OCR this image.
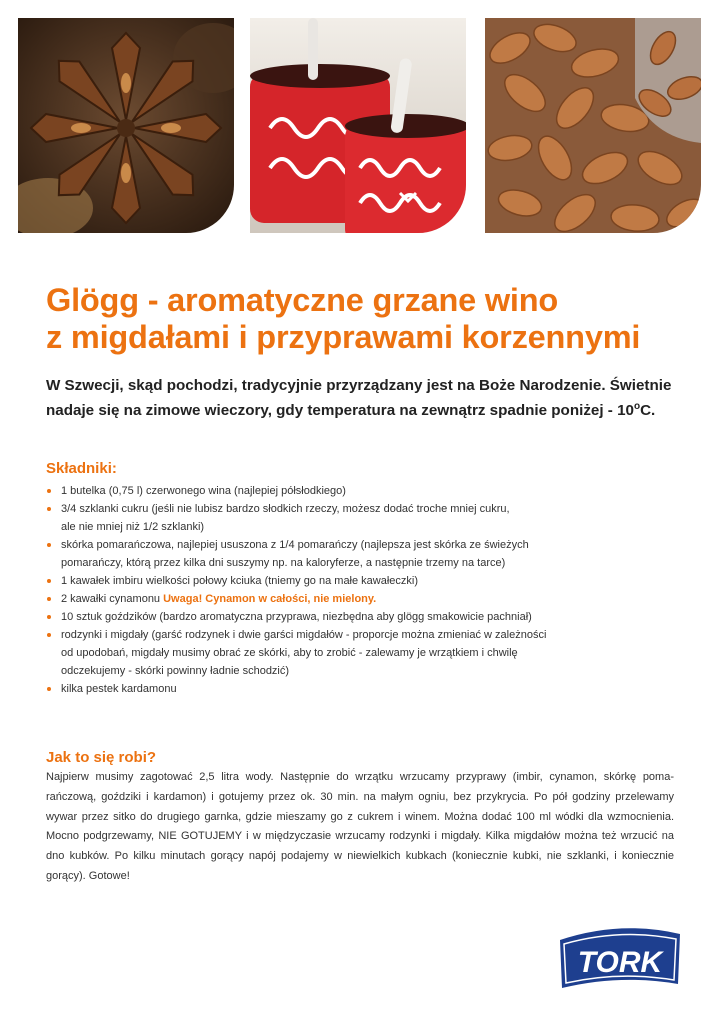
Glögg - aromatyczne grzane wino
z migdałami i przyprawami korzennymi

W Szwecji, skąd pochodzi, tradycyjnie przyrządzany jest na Boże Narodzenie. Świetnie
nadaje się na zimowe wieczory, gdy temperatura na zewnątrz spadnie poniżej - 10$^o$C.

Składniki:
1 butelka (0,75 l) czerwonego wina (najlepiej półsłodkiego)
3/4 szklanki cukru (jeśli nie lubisz bardzo słodkich rzeczy, możesz dodać troche mniej cukru,
ale nie mniej niż 1/2 szklanki)
skórka pomarańczowa, najlepiej ususzona z 1/4 pomarańczy (najlepsza jest skórka ze świeżych
pomarańczy, którą przez kilka dni suszymy np. na kaloryferze, a następnie trzemy na tarce)
1 kawałek imbiru wielkości połowy kciuka (tniemy go na małe kawałeczki)
2 kawałki cynamonu Uwaga! Cynamon w całości, nie mielony.
10 sztuk goździków (bardzo aromatyczna przyprawa, niezbędna aby glögg smakowicie pachniał)
rodzynki i migdały (garść rodzynek i dwie garści migdałów - proporcje można zmieniać w zależności
od upodobań, migdały musimy obrać ze skórki, aby to zrobić - zalewamy je wrzątkiem i chwilę
odczekujemy - skórki powinny ładnie schodzić)
kilka pestek kardamonu
Jak to się robi?
Najpierw musimy zagotować 2,5 litra wody. Następnie do wrzątku wrzucamy przyprawy (imbir, cynamon, skórkę poma-
rańczową, goździki i kardamon) i gotujemy przez ok. 30 min. na małym ogniu, bez przykrycia. Po pół godziny przelewamy
wywar przez sitko do drugiego garnka, gdzie mieszamy go z cukrem i winem. Można dodać 100 ml wódki dla wzmocnienia.
Mocno podgrzewamy, NIE GOTUJEMY i w międzyczasie wrzucamy rodzynki i migdały. Kilka migdałów można też wrzucić na
dno kubków. Po kilku minutach gorący napój podajemy w niewielkich kubkach (koniecznie kubki, nie szklanki, i koniecznie
gorący). Gotowe!
TORK
